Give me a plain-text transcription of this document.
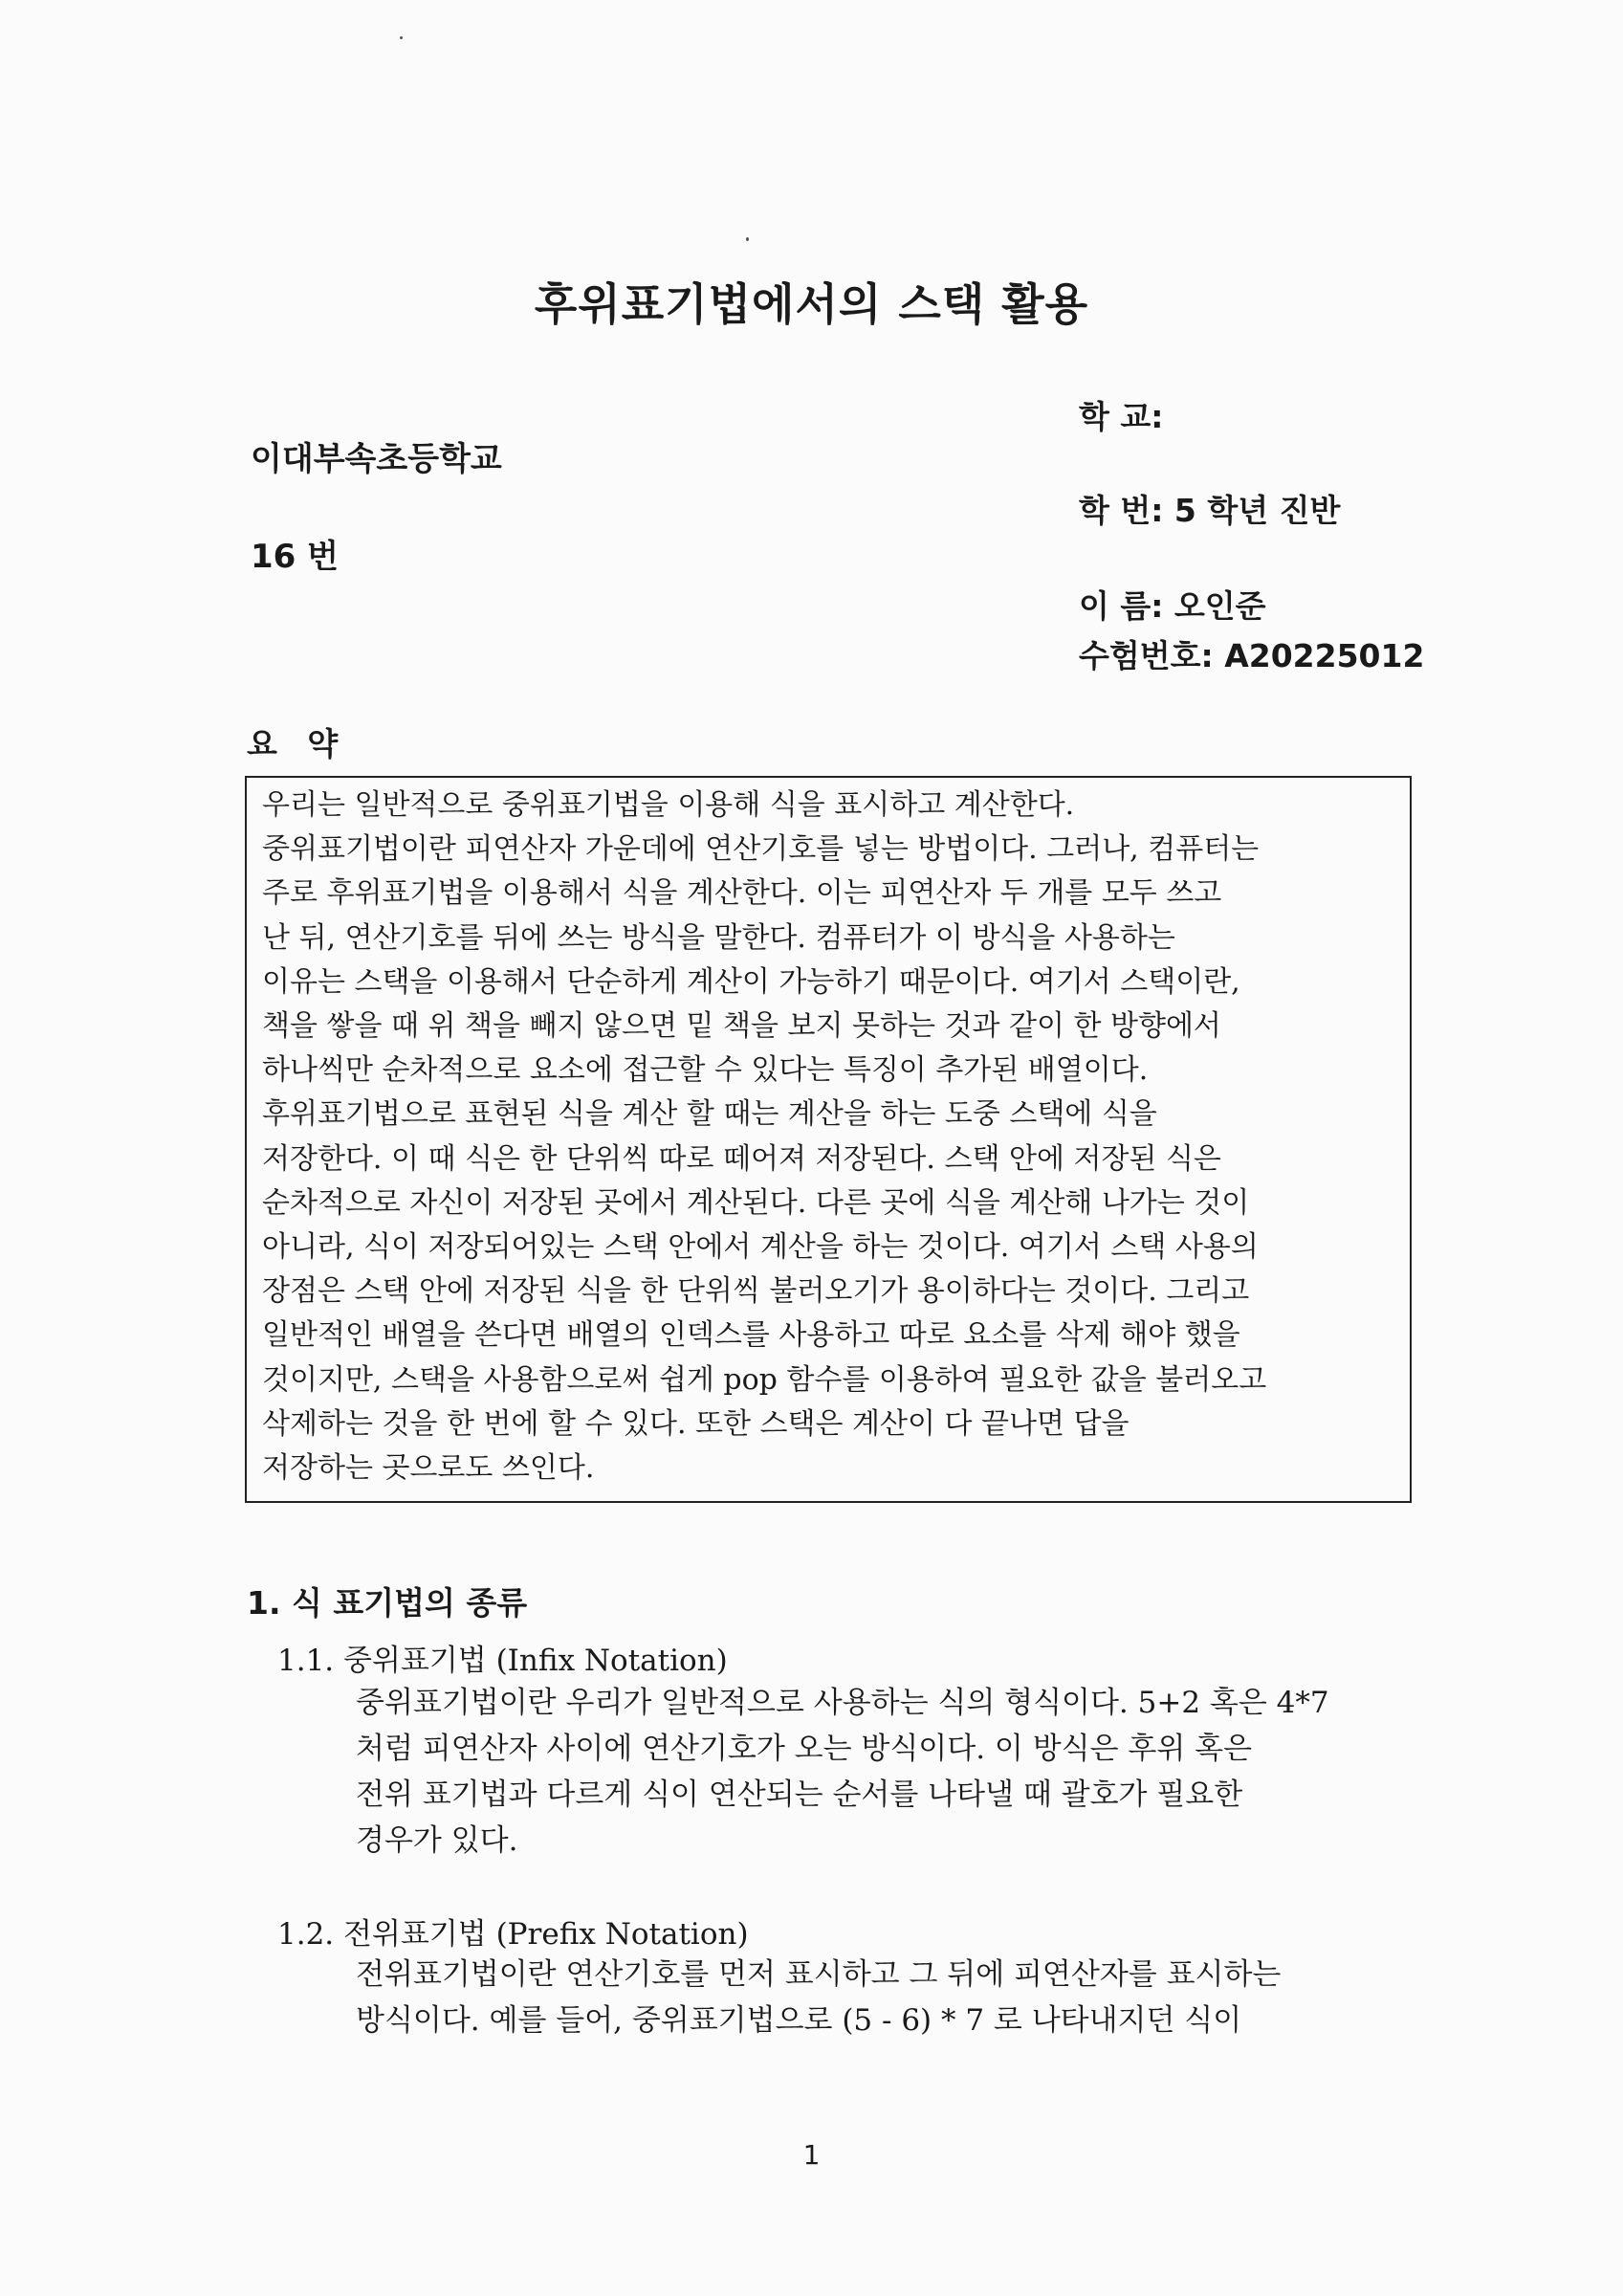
후위표기법에서의 스택 활용
학 교:
학 번: 5 학년 진반
이 름: 오인준
수험번호: A20225012
이대부속초등학교
16 번
요 약
우리는 일반적으로 중위표기법을 이용해 식을 표시하고 계산한다.
중위표기법이란 피연산자 가운데에 연산기호를 넣는 방법이다. 그러나, 컴퓨터는
주로 후위표기법을 이용해서 식을 계산한다. 이는 피연산자 두 개를 모두 쓰고
난 뒤, 연산기호를 뒤에 쓰는 방식을 말한다. 컴퓨터가 이 방식을 사용하는
이유는 스택을 이용해서 단순하게 계산이 가능하기 때문이다. 여기서 스택이란,
책을 쌓을 때 위 책을 빼지 않으면 밑 책을 보지 못하는 것과 같이 한 방향에서
하나씩만 순차적으로 요소에 접근할 수 있다는 특징이 추가된 배열이다.
후위표기법으로 표현된 식을 계산 할 때는 계산을 하는 도중 스택에 식을
저장한다. 이 때 식은 한 단위씩 따로 떼어져 저장된다. 스택 안에 저장된 식은
순차적으로 자신이 저장된 곳에서 계산된다. 다른 곳에 식을 계산해 나가는 것이
아니라, 식이 저장되어있는 스택 안에서 계산을 하는 것이다. 여기서 스택 사용의
장점은 스택 안에 저장된 식을 한 단위씩 불러오기가 용이하다는 것이다. 그리고
일반적인 배열을 쓴다면 배열의 인덱스를 사용하고 따로 요소를 삭제 해야 했을
것이지만, 스택을 사용함으로써 쉽게 pop 함수를 이용하여 필요한 값을 불러오고
삭제하는 것을 한 번에 할 수 있다. 또한 스택은 계산이 다 끝나면 답을
저장하는 곳으로도 쓰인다.
1. 식 표기법의 종류
1.1. 중위표기법 (Infix Notation)
중위표기법이란 우리가 일반적으로 사용하는 식의 형식이다. 5+2 혹은 4*7
처럼 피연산자 사이에 연산기호가 오는 방식이다. 이 방식은 후위 혹은
전위 표기법과 다르게 식이 연산되는 순서를 나타낼 때 괄호가 필요한
경우가 있다.
1.2. 전위표기법 (Prefix Notation)
전위표기법이란 연산기호를 먼저 표시하고 그 뒤에 피연산자를 표시하는
방식이다. 예를 들어, 중위표기법으로 (5 - 6) * 7 로 나타내지던 식이
1
